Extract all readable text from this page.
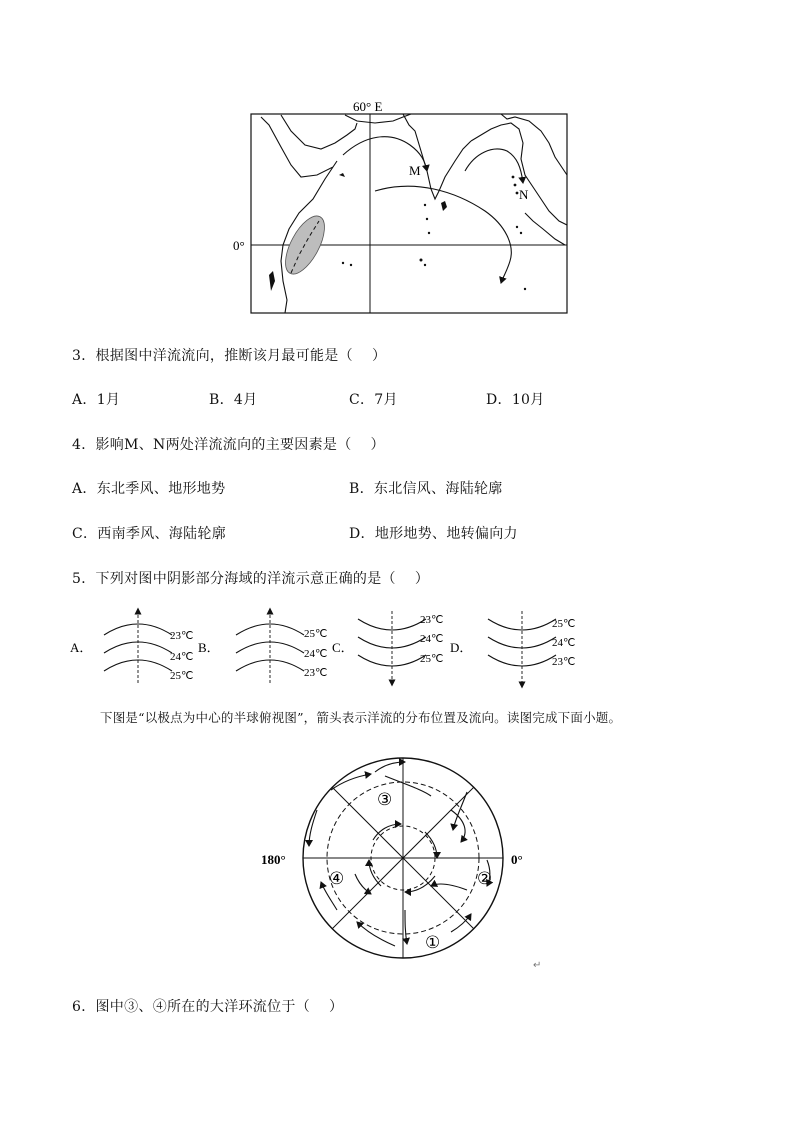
60° E
0°
M
N
3．根据图中洋流流向，推断该月最可能是（　 ）
A．1月	B．4月	C．7月	D．10月
4．影响M、N两处洋流流向的主要因素是（　 ）
A．东北季风、地形地势	B．东北信风、海陆轮廓
C．西南季风、海陆轮廓	D．地形地势、地转偏向力
5．下列对图中阴影部分海域的洋流示意正确的是（　 ）
A．
23℃
24℃
25℃
B．
25℃
24℃
23℃
C．
23℃
24℃
25℃
D．
25℃
24℃
23℃
下图是“以极点为中心的半球俯视图”，箭头表示洋流的分布位置及流向。读图完成下面小题。
180°	0°
③
②
④
①
↵
6．图中③、④所在的大洋环流位于（　 ）
